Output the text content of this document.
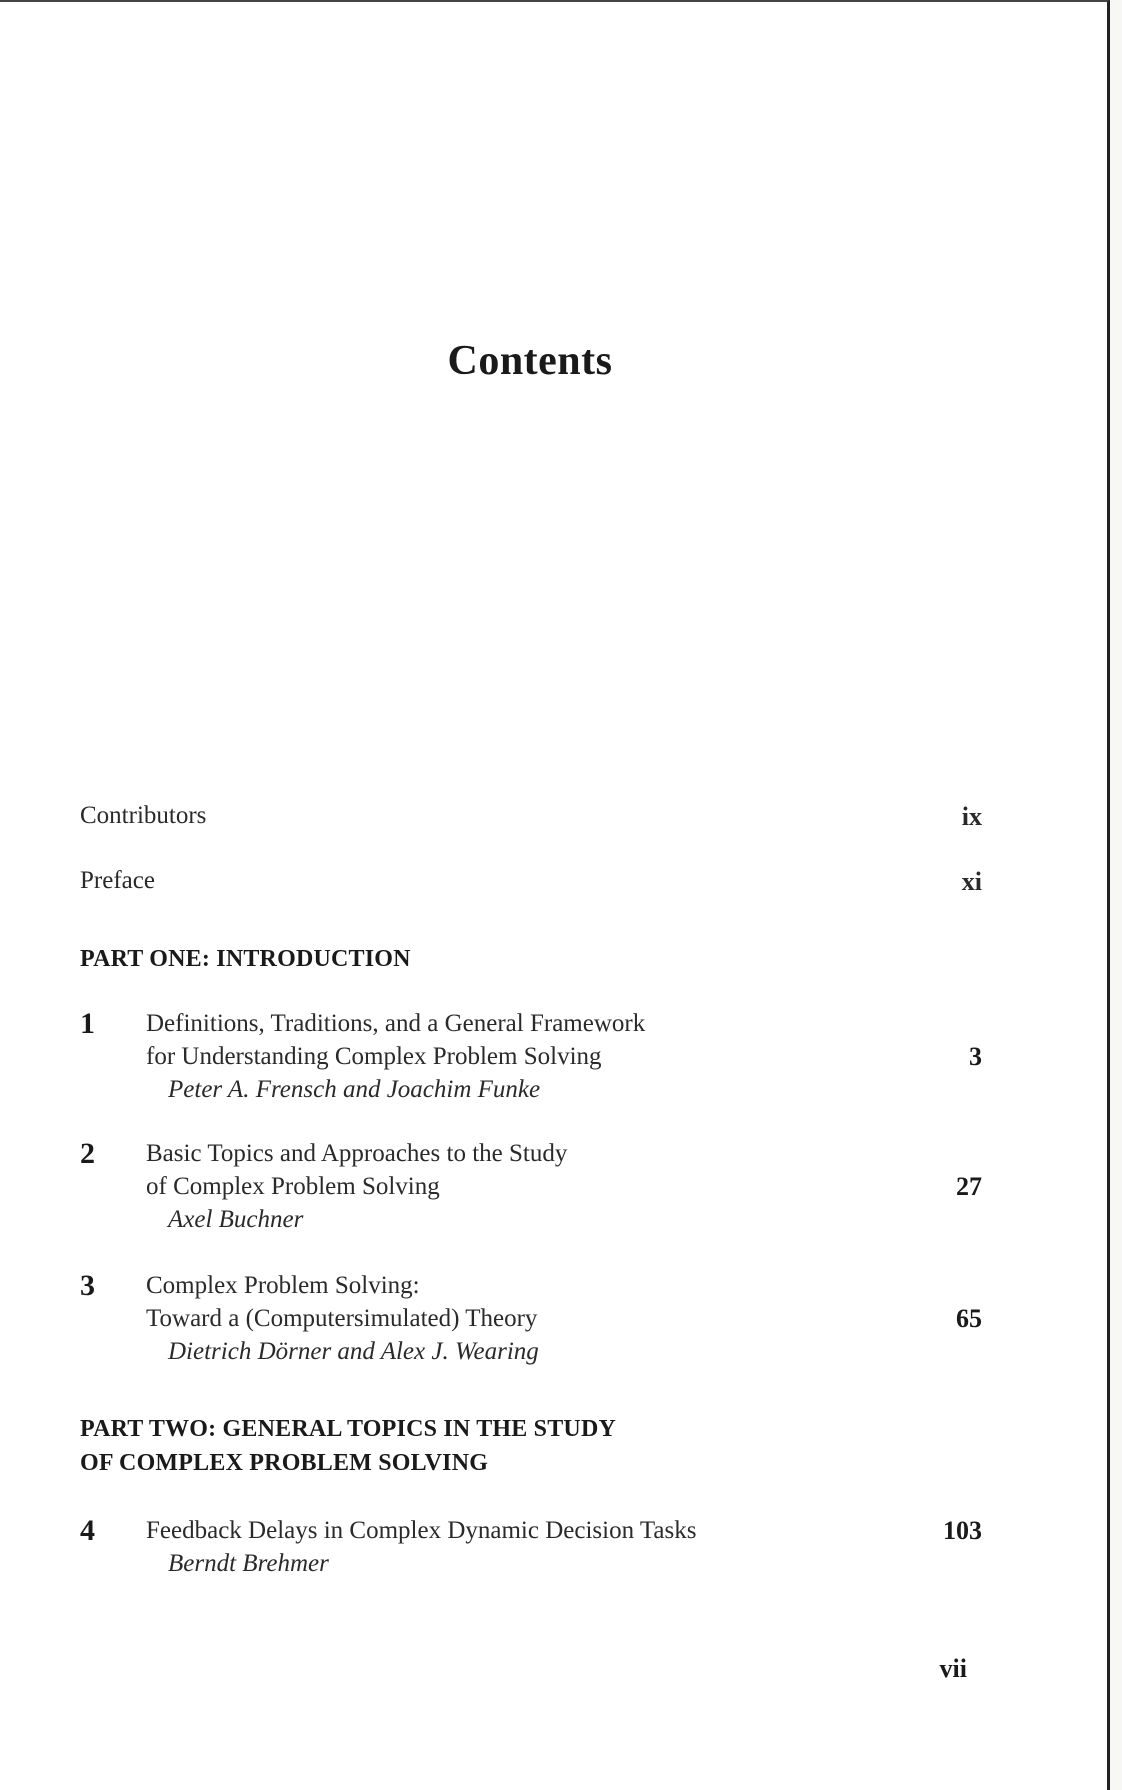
Contents
Contributors	ix
Preface	xi
PART ONE: INTRODUCTION
1 Definitions, Traditions, and a General Framework
for Understanding Complex Problem Solving
Peter A. Frensch and Joachim Funke
3
2 Basic Topics and Approaches to the Study
of Complex Problem Solving
Axel Buchner
27
3 Complex Problem Solving:
Toward a (Computersimulated) Theory
Dietrich Dörner and Alex J. Wearing
65
PART TWO: GENERAL TOPICS IN THE STUDY
OF COMPLEX PROBLEM SOLVING
4 Feedback Delays in Complex Dynamic Decision Tasks
Berndt Brehmer
103
vii
